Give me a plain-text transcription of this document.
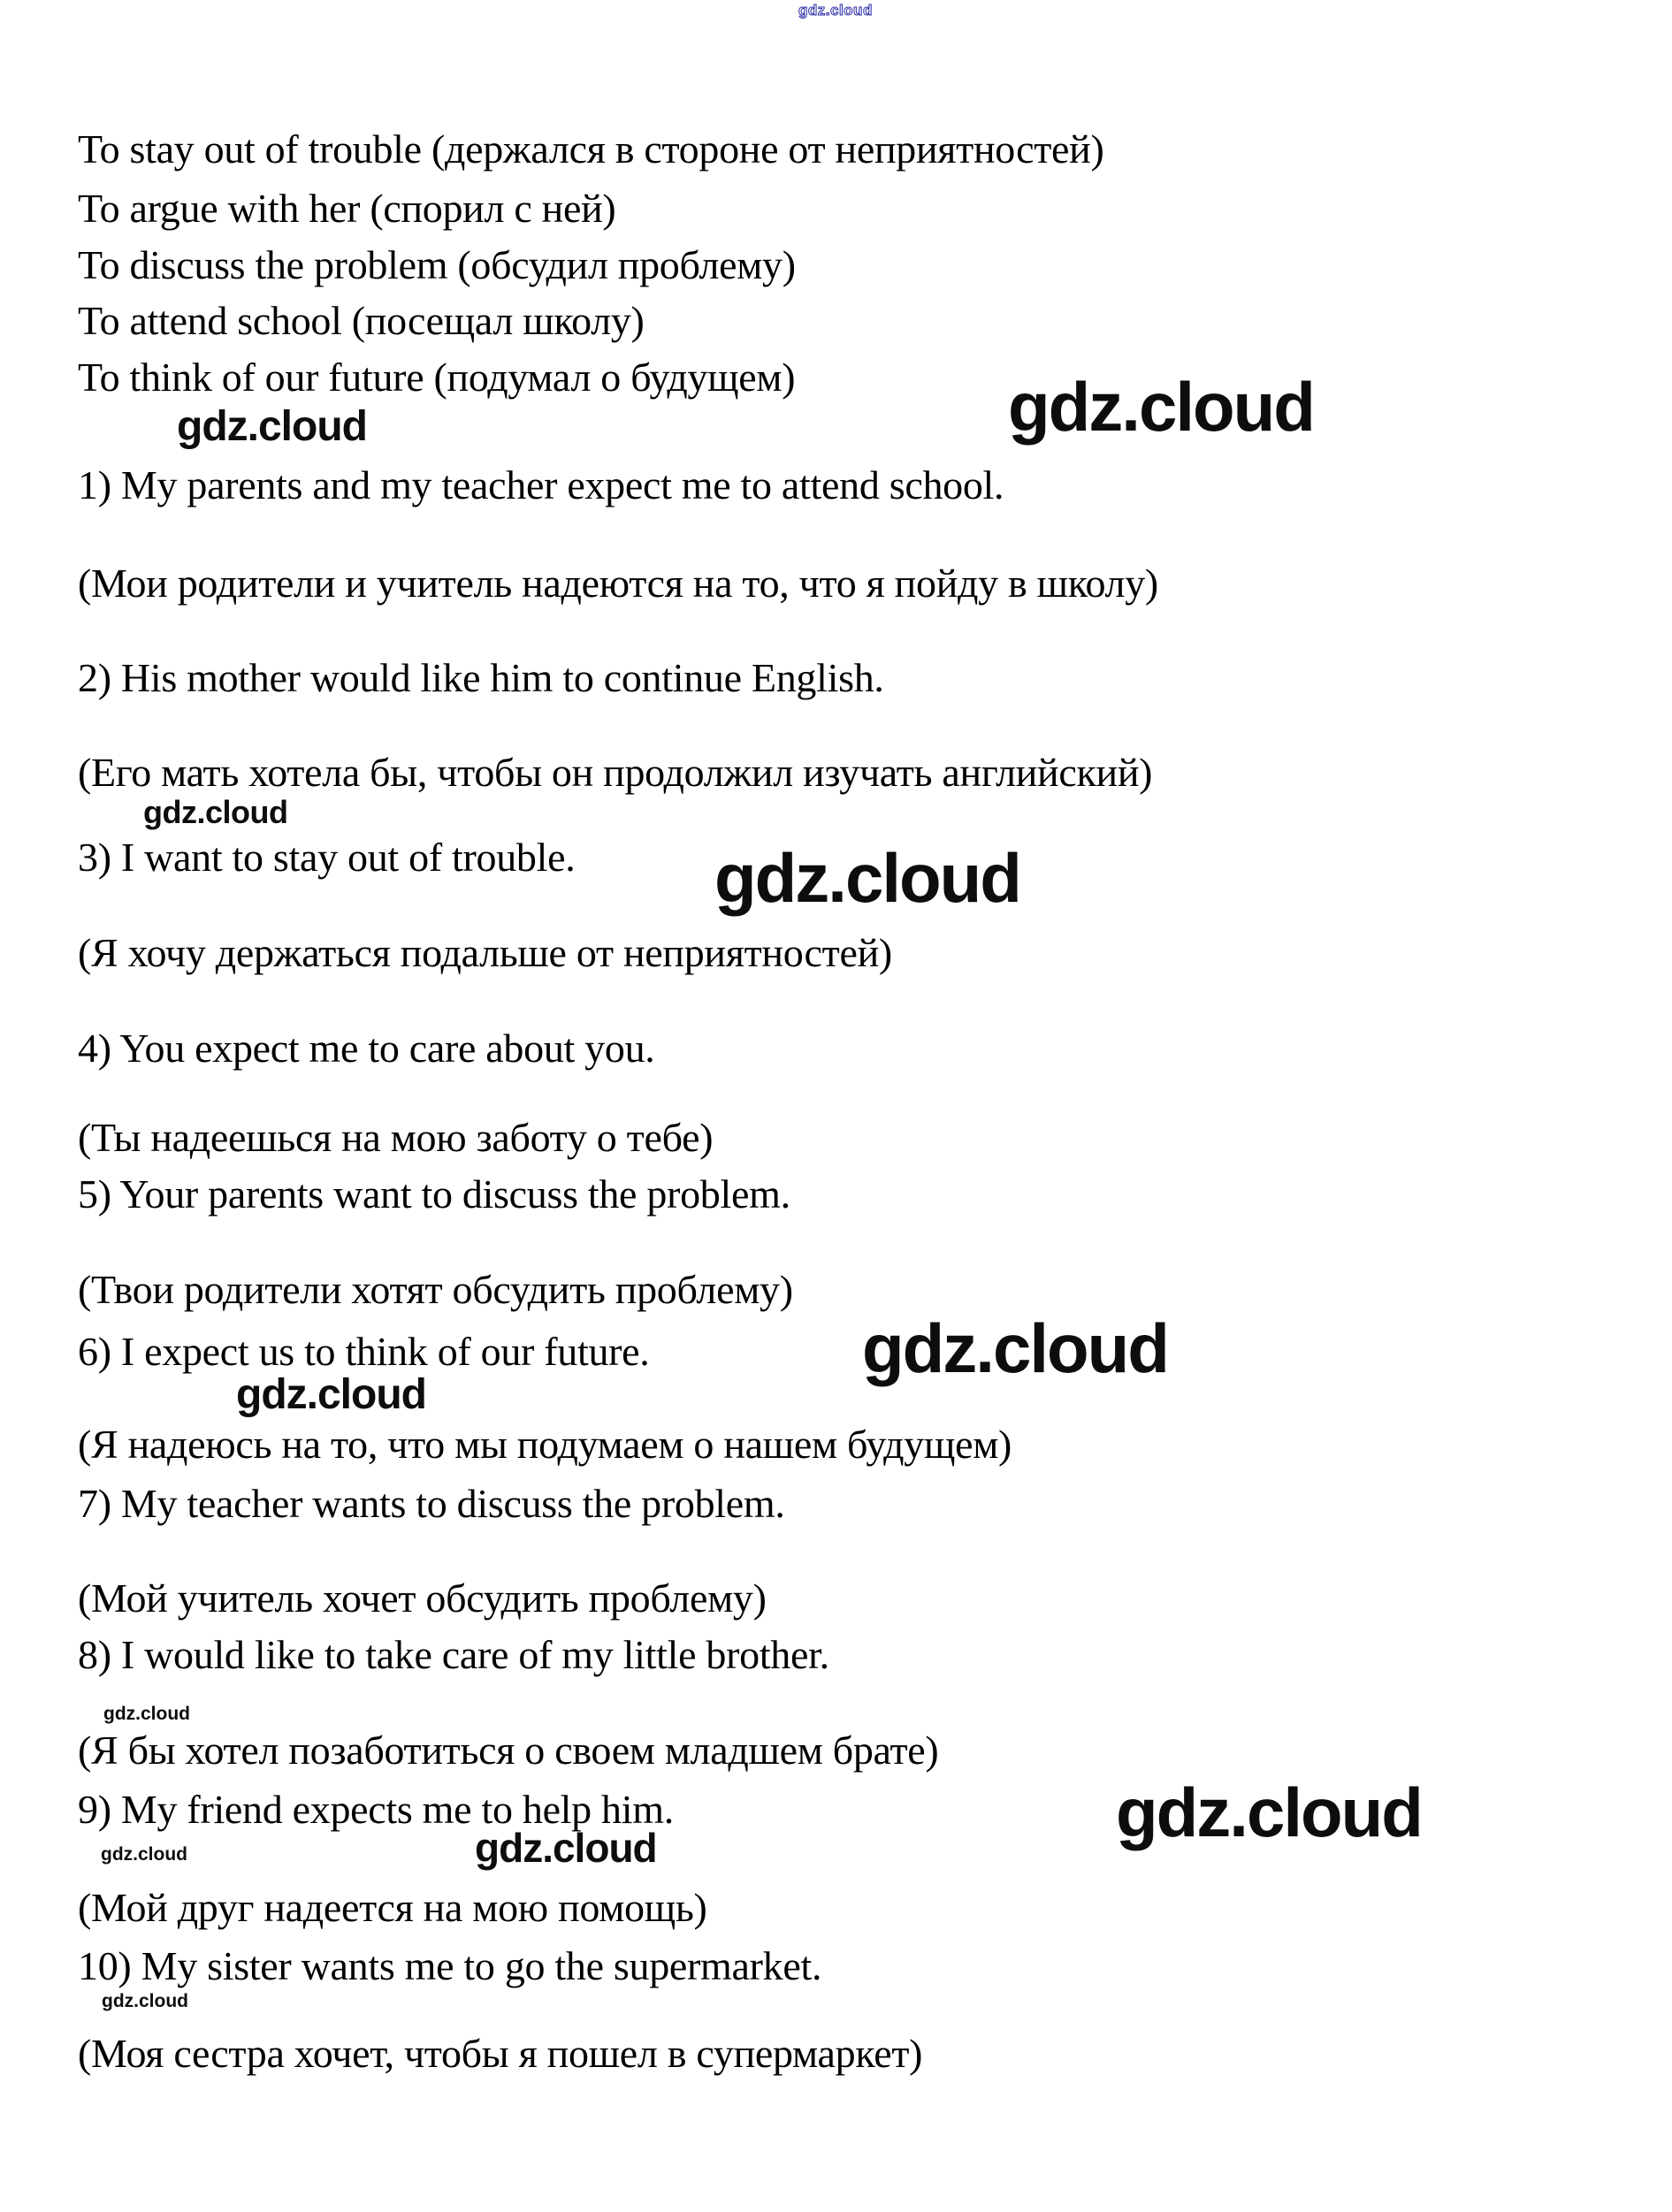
gdz.cloud
To stay out of trouble (держался в стороне от неприятностей)
To argue with her (спорил с ней)
To discuss the problem (обсудил проблему)
To attend school (посещал школу)
To think of our future (подумал о будущем)
1) My parents and my teacher expect me to attend school.
(Мои родители и учитель надеются на то, что я пойду в школу)
2) His mother would like him to continue English.
(Его мать хотела бы, чтобы он продолжил изучать английский)
3) I want to stay out of trouble.
(Я хочу держаться подальше от неприятностей)
4) You expect me to care about you.
(Ты надеешься на мою заботу о тебе)
5) Your parents want to discuss the problem.
(Твои родители хотят обсудить проблему)
6) I expect us to think of our future.
(Я надеюсь на то, что мы подумаем о нашем будущем)
7) My teacher wants to discuss the problem.
(Мой учитель хочет обсудить проблему)
8) I would like to take care of my little brother.
(Я бы хотел позаботиться о своем младшем брате)
9) My friend expects me to help him.
(Мой друг надеется на мою помощь)
10) My sister wants me to go the supermarket.
(Моя сестра хочет, чтобы я пошел в супермаркет)
gdz.cloud
gdz.cloud
gdz.cloud
gdz.cloud
gdz.cloud
gdz.cloud
gdz.cloud
gdz.cloud
gdz.cloud
gdz.cloud
gdz.cloud
